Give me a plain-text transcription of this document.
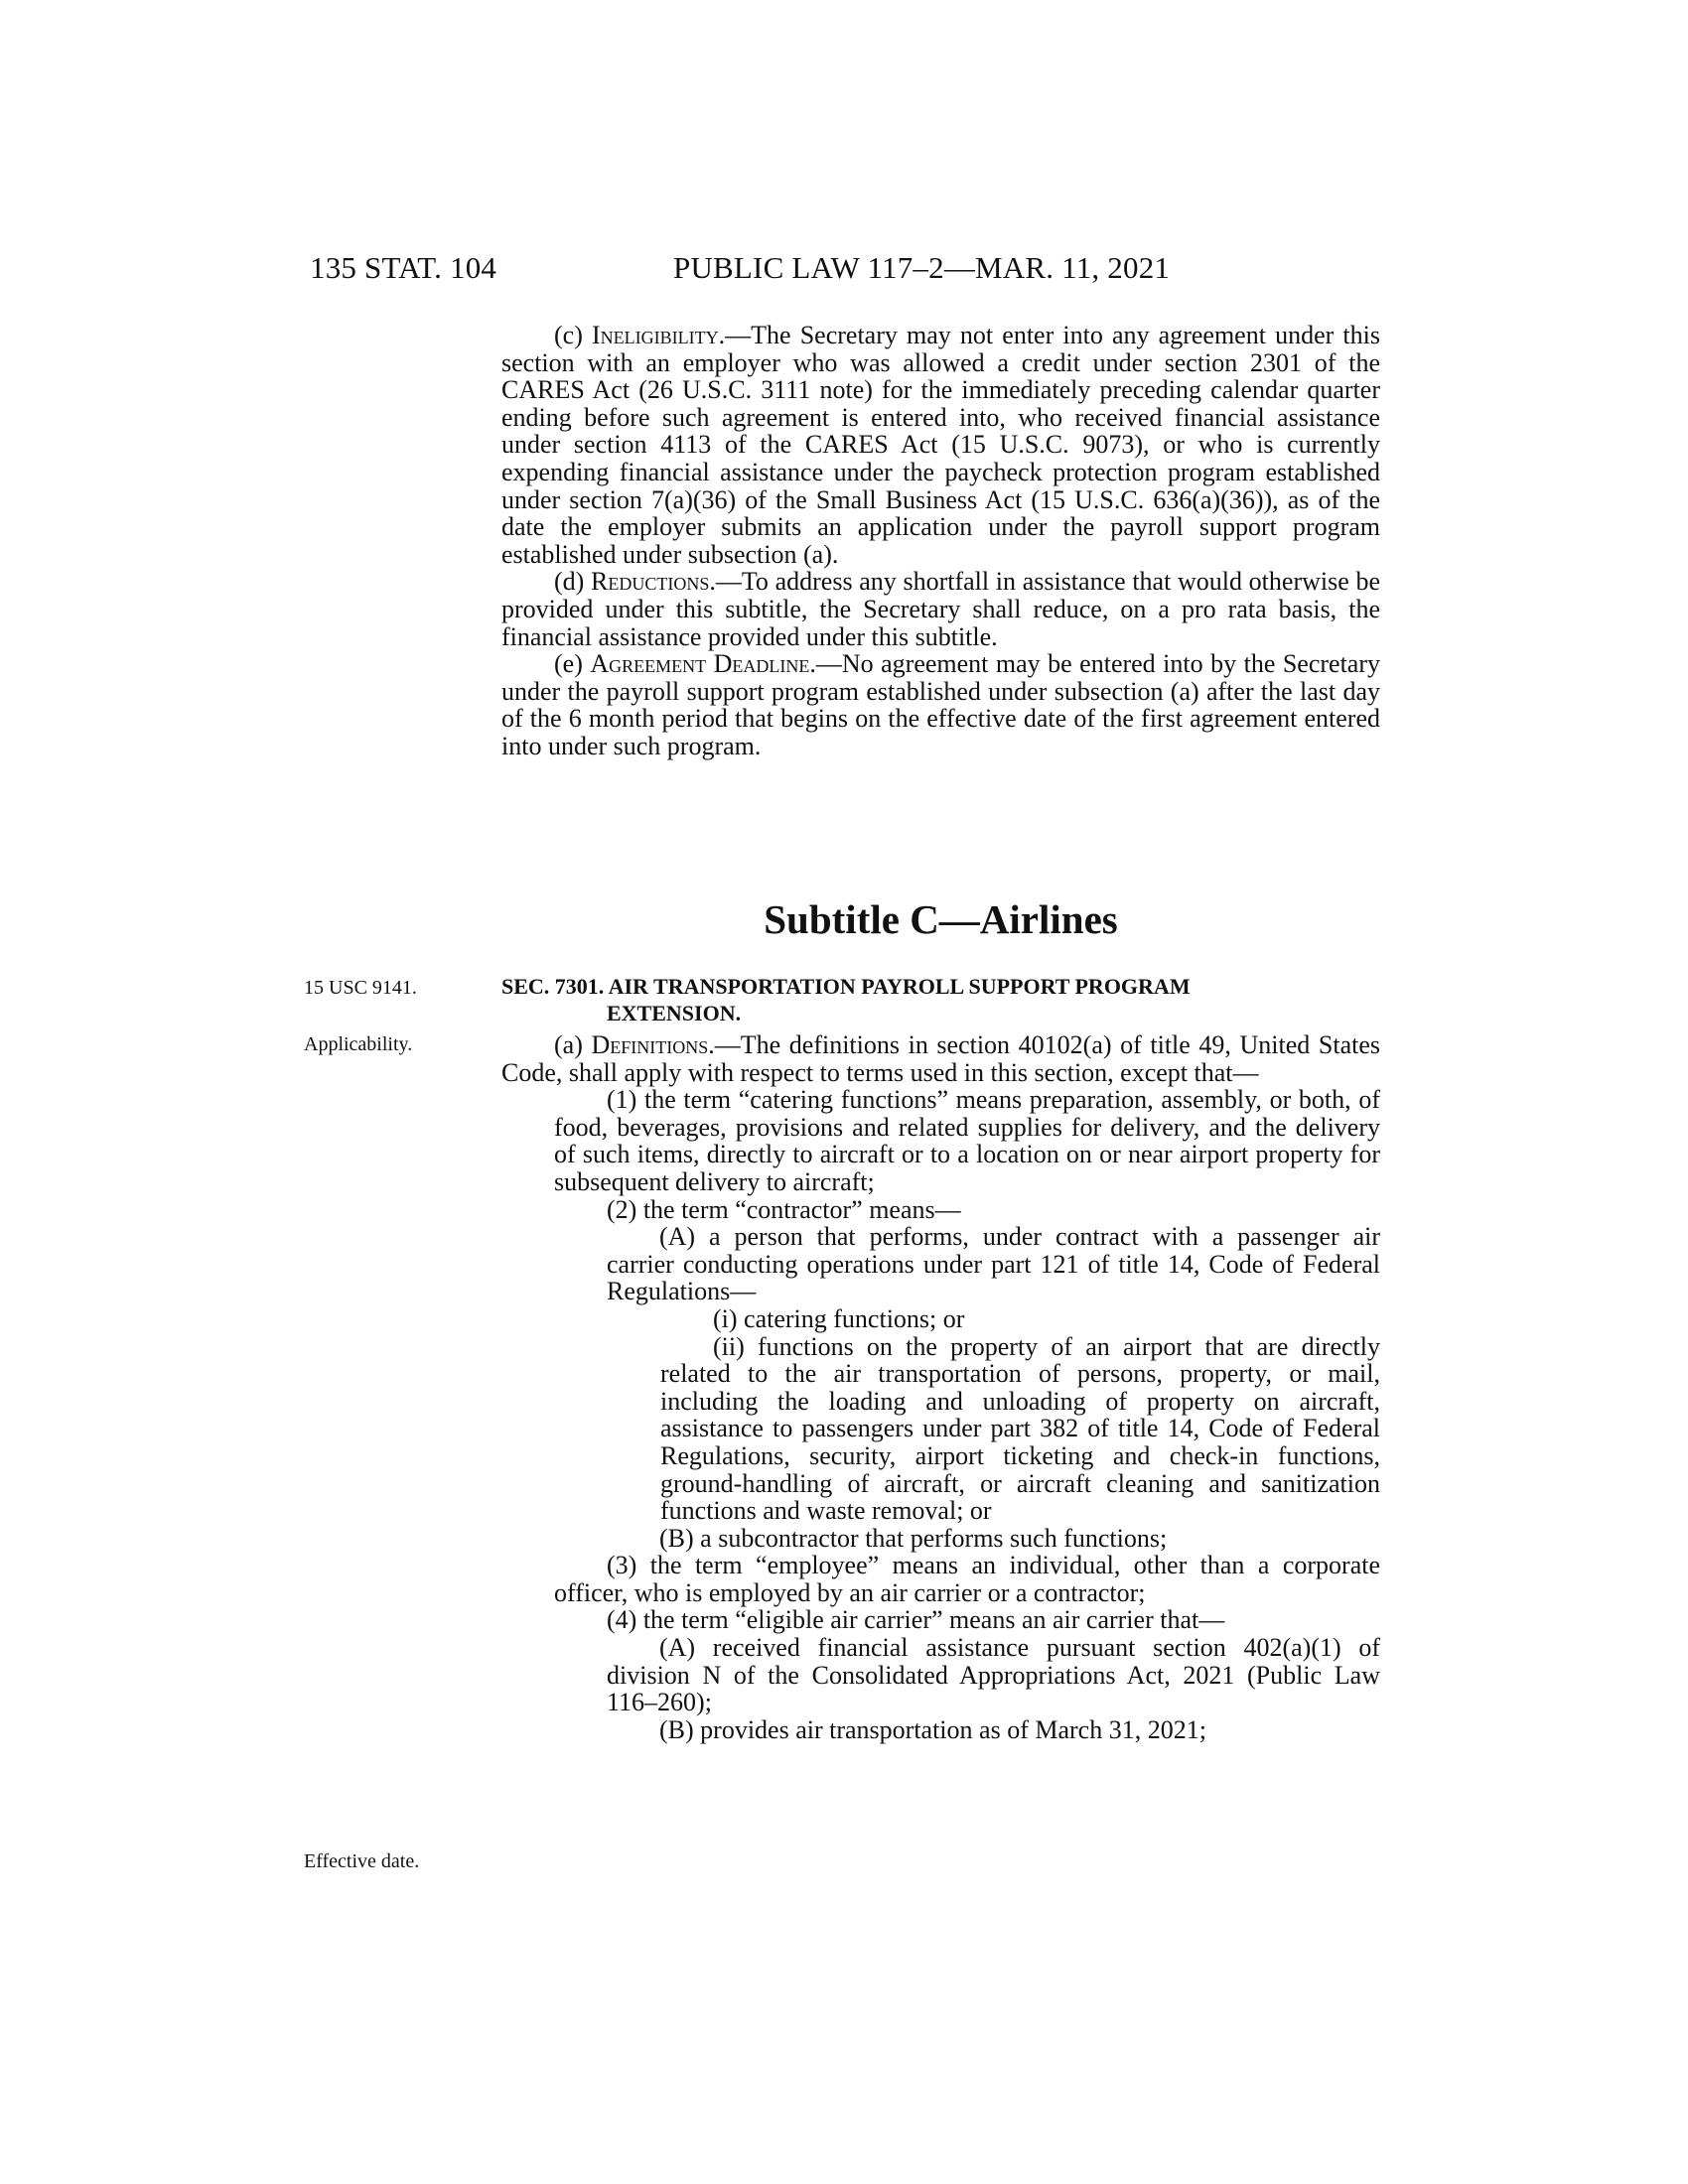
135 STAT. 104	PUBLIC LAW 117–2—MAR. 11, 2021

(c) Ineligibility.—The Secretary may not enter into any agreement under this section with an employer who was allowed a credit under section 2301 of the CARES Act (26 U.S.C. 3111 note) for the immediately preceding calendar quarter ending before such agreement is entered into, who received financial assistance under section 4113 of the CARES Act (15 U.S.C. 9073), or who is currently expending financial assistance under the paycheck protection program established under section 7(a)(36) of the Small Business Act (15 U.S.C. 636(a)(36)), as of the date the employer submits an application under the payroll support program established under subsection (a).

(d) Reductions.—To address any shortfall in assistance that would otherwise be provided under this subtitle, the Secretary shall reduce, on a pro rata basis, the financial assistance provided under this subtitle.

(e) Agreement Deadline.—No agreement may be entered into by the Secretary under the payroll support program established under subsection (a) after the last day of the 6 month period that begins on the effective date of the first agreement entered into under such program.

Subtitle C—Airlines
15 USC 9141.	SEC. 7301. AIR TRANSPORTATION PAYROLL SUPPORT PROGRAM
EXTENSION.
Applicability.
Effective date.

(a) Definitions.—The definitions in section 40102(a) of title 49, United States Code, shall apply with respect to terms used in this section, except that—

(1) the term “catering functions” means preparation, assembly, or both, of food, beverages, provisions and related supplies for delivery, and the delivery of such items, directly to aircraft or to a location on or near airport property for subsequent delivery to aircraft;

(2) the term “contractor” means—

(A) a person that performs, under contract with a passenger air carrier conducting operations under part 121 of title 14, Code of Federal Regulations—

(i) catering functions; or

(ii) functions on the property of an airport that are directly related to the air transportation of persons, property, or mail, including the loading and unloading of property on aircraft, assistance to passengers under part 382 of title 14, Code of Federal Regulations, security, airport ticketing and check-in functions, ground-handling of aircraft, or aircraft cleaning and sanitization functions and waste removal; or

(B) a subcontractor that performs such functions;

(3) the term “employee” means an individual, other than a corporate officer, who is employed by an air carrier or a contractor;

(4) the term “eligible air carrier” means an air carrier that—

(A) received financial assistance pursuant section 402(a)(1) of division N of the Consolidated Appropriations Act, 2021 (Public Law 116–260);

(B) provides air transportation as of March 31, 2021;
